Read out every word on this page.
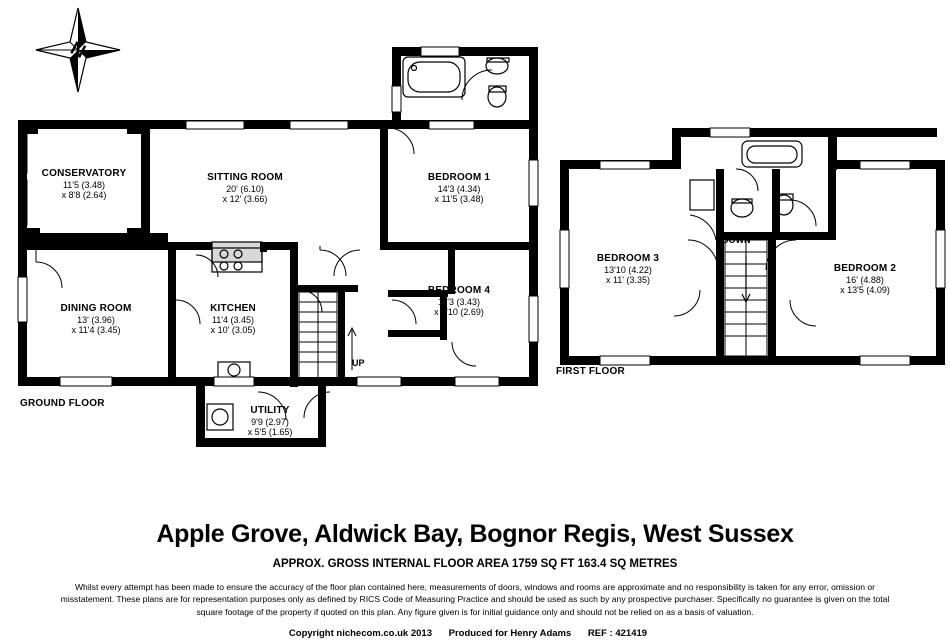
N
CONSERVATORY
11'5 (3.48)
x 8'8 (2.64)
SITTING ROOM
20' (6.10)
x 12' (3.66)
BEDROOM 1
14'3 (4.34)
x 11'5 (3.48)
DINING ROOM
13' (3.96)
x 11'4 (3.45)
KITCHEN
11'4 (3.45)
x 10' (3.05)
BEDROOM 4
11'3 (3.43)
x 8'10 (2.69)
UTILITY
9'9 (2.97)
x 5'5 (1.65)
BEDROOM 3
13'10 (4.22)
x 11' (3.35)
BEDROOM 2
16' (4.88)
x 13'5 (4.09)
GROUND FLOOR
FIRST FLOOR
UP
DOWN
Apple Grove, Aldwick Bay, Bognor Regis, West Sussex
APPROX. GROSS INTERNAL FLOOR AREA 1759 SQ FT 163.4 SQ METRES
Whilst every attempt has been made to ensure the accuracy of the floor plan contained here, measurements of doors, windows and rooms are approximate and no responsibility is taken for any error, omission or misstatement. These plans are for representation purposes only as defined by RICS Code of Measuring Practice and should be used as such by any prospective purchaser. Specifically no guarantee is given on the total square footage of the property if quoted on this plan. Any figure given is for initial guidance only and should not be relied on as a basis of valuation.
Copyright nichecom.co.uk 2013 Produced for Henry Adams REF : 421419
